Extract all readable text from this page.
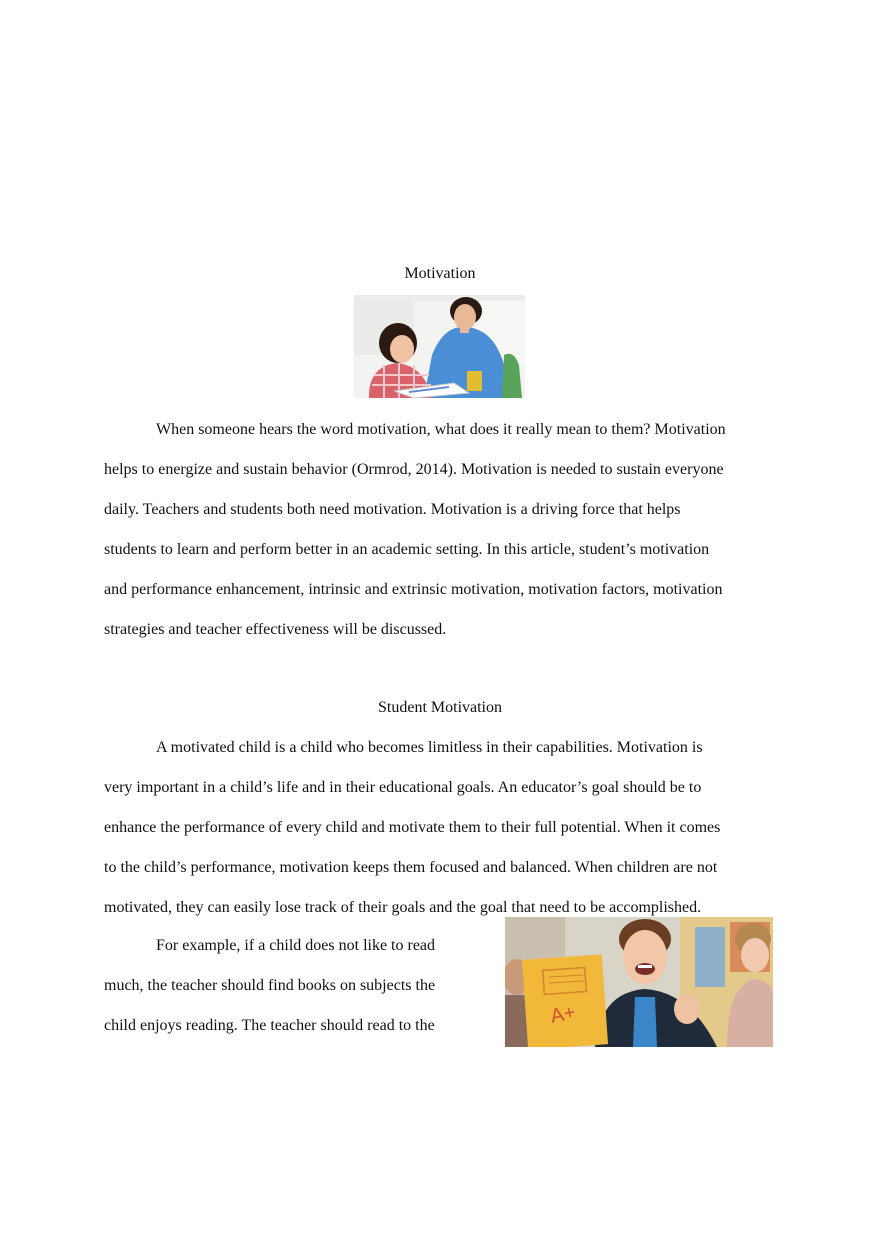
Motivation
When someone hears the word motivation, what does it really mean to them? Motivation
helps to energize and sustain behavior (Ormrod, 2014). Motivation is needed to sustain everyone
daily. Teachers and students both need motivation. Motivation is a driving force that helps
students to learn and perform better in an academic setting. In this article, student’s motivation
and performance enhancement, intrinsic and extrinsic motivation, motivation factors, motivation
strategies and teacher effectiveness will be discussed.
Student Motivation
A motivated child is a child who becomes limitless in their capabilities. Motivation is
very important in a child’s life and in their educational goals. An educator’s goal should be to
enhance the performance of every child and motivate them to their full potential. When it comes
to the child’s performance, motivation keeps them focused and balanced. When children are not
motivated, they can easily lose track of their goals and the goal that need to be accomplished.
For example, if a child does not like to read
much, the teacher should find books on subjects the
child enjoys reading. The teacher should read to the	A+
